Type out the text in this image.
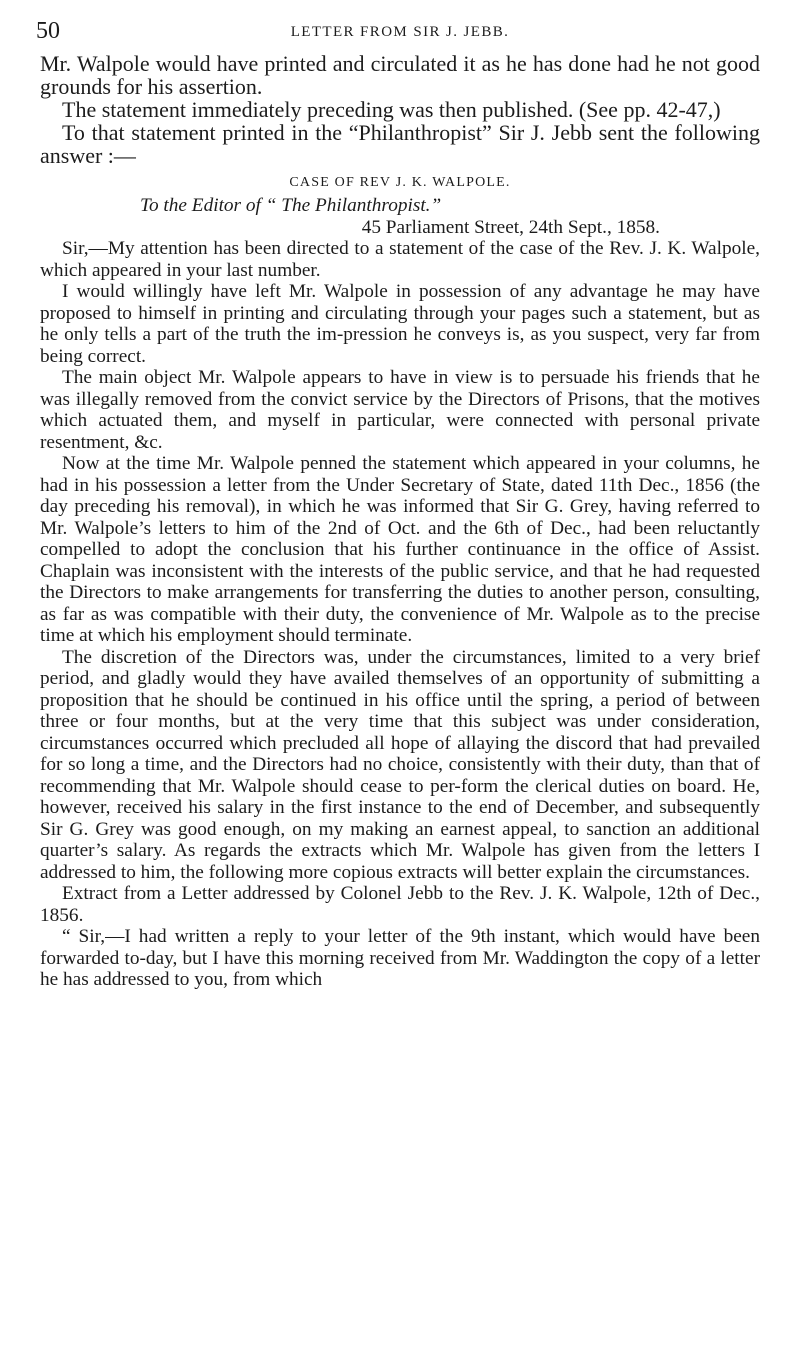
50	LETTER FROM SIR J. JEBB.

Mr. Walpole would have printed and circulated it as he has done had he not good grounds for his assertion.

The statement immediately preceding was then published. (See pp. 42-47,)

To that statement printed in the “Philanthropist” Sir J. Jebb sent the following answer :—

CASE OF REV J. K. WALPOLE.

To the Editor of “ The Philanthropist.”

45 Parliament Street, 24th Sept., 1858.

Sir,—My attention has been directed to a statement of the case of the Rev. J. K. Walpole, which appeared in your last number.

I would willingly have left Mr. Walpole in possession of any advantage he may have proposed to himself in printing and circulating through your pages such a statement, but as he only tells a part of the truth the im-pression he conveys is, as you suspect, very far from being correct.

The main object Mr. Walpole appears to have in view is to persuade his friends that he was illegally removed from the convict service by the Directors of Prisons, that the motives which actuated them, and myself in particular, were connected with personal private resentment, &c.

Now at the time Mr. Walpole penned the statement which appeared in your columns, he had in his possession a letter from the Under Secretary of State, dated 11th Dec., 1856 (the day preceding his removal), in which he was informed that Sir G. Grey, having referred to Mr. Walpole’s letters to him of the 2nd of Oct. and the 6th of Dec., had been reluctantly compelled to adopt the conclusion that his further continuance in the office of Assist. Chaplain was inconsistent with the interests of the public service, and that he had requested the Directors to make arrangements for transferring the duties to another person, consulting, as far as was compatible with their duty, the convenience of Mr. Walpole as to the precise time at which his employment should terminate.

The discretion of the Directors was, under the circumstances, limited to a very brief period, and gladly would they have availed themselves of an opportunity of submitting a proposition that he should be continued in his office until the spring, a period of between three or four months, but at the very time that this subject was under consideration, circumstances occurred which precluded all hope of allaying the discord that had prevailed for so long a time, and the Directors had no choice, consistently with their duty, than that of recommending that Mr. Walpole should cease to per-form the clerical duties on board. He, however, received his salary in the first instance to the end of December, and subsequently Sir G. Grey was good enough, on my making an earnest appeal, to sanction an additional quarter’s salary. As regards the extracts which Mr. Walpole has given from the letters I addressed to him, the following more copious extracts will better explain the circumstances.

Extract from a Letter addressed by Colonel Jebb to the Rev. J. K. Walpole, 12th of Dec., 1856.

“ Sir,—I had written a reply to your letter of the 9th instant, which would have been forwarded to-day, but I have this morning received from Mr. Waddington the copy of a letter he has addressed to you, from which
